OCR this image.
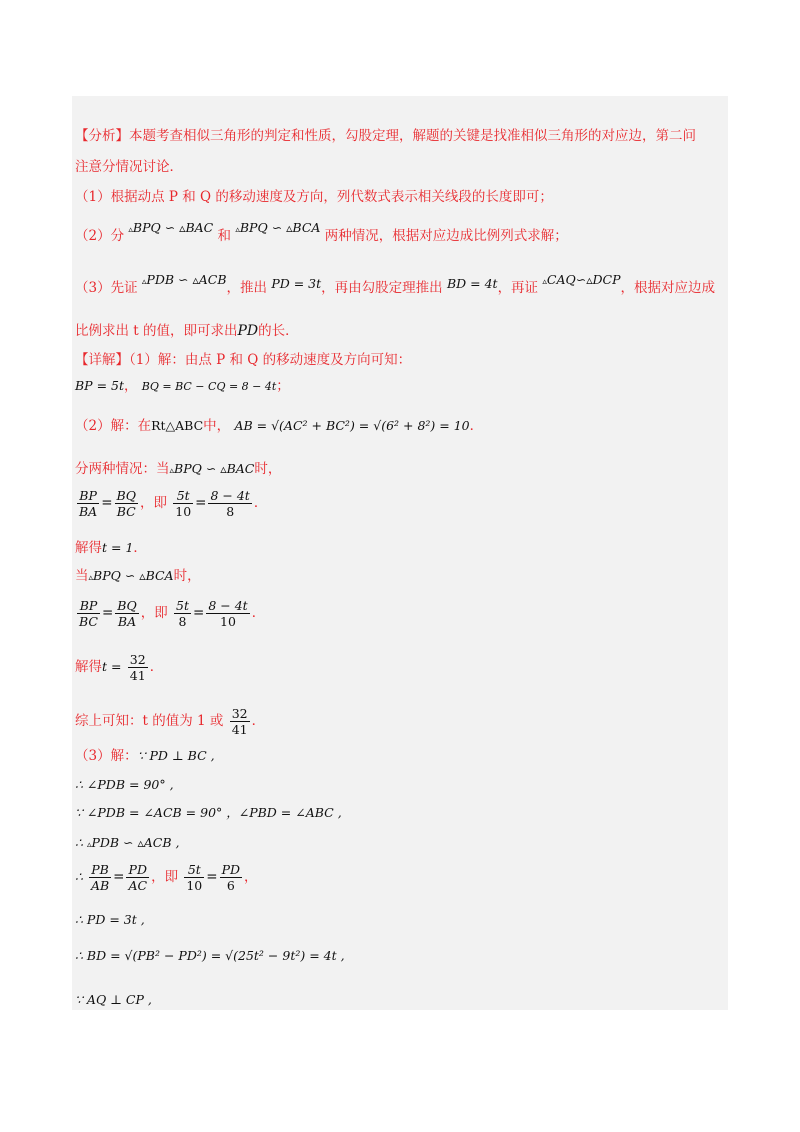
【分析】本题考查相似三角形的判定和性质，勾股定理，解题的关键是找准相似三角形的对应边，第二问
注意分情况讨论．
（1）根据动点 P 和 Q 的移动速度及方向，列代数式表示相关线段的长度即可；
（2）分 ▵BPQ ∽ ▵BAC 和 ▵BPQ ∽ ▵BCA 两种情况，根据对应边成比例列式求解；
（3）先证 ▵PDB ∽ ▵ACB，推出 PD = 3t，再由勾股定理推出 BD = 4t，再证 ▵CAQ∽▵DCP，根据对应边成
比例求出 t 的值，即可求出PD的长．
【详解】（1）解：由点 P 和 Q 的移动速度及方向可知：
BP = 5t， BQ = BC − CQ = 8 − 4t；
（2）解：在Rt△ABC中， AB = √(AC² + BC²) = √(6² + 8²) = 10．
分两种情况：当▵BPQ ∽ ▵BAC时，
$\frac{BP}{BA} = \frac{BQ}{BC}$ ，即 $\frac{5t}{10} = \frac{8 - 4t}{8}$ ．
解得t = 1．
当▵BPQ ∽ ▵BCA时，
$\frac{BP}{BC} = \frac{BQ}{BA}$ ，即 $\frac{5t}{8} = \frac{8 - 4t}{10}$ ．
解得$t = \frac{32}{41}$ ．
综上可知：t 的值为 1 或 $\frac{32}{41}$ ．
（3）解：∵ PD ⊥ BC ,
∴ ∠PDB = 90° ,
∵ ∠PDB = ∠ACB = 90° ，∠PBD = ∠ABC ,
∴ ▵PDB ∽ ▵ACB ,
∴ $\frac{PB}{AB} = \frac{PD}{AC}$ ，即 $\frac{5t}{10} = \frac{PD}{6}$ ，
∴ PD = 3t ,
∴ BD = √(PB² − PD²) = √(25t² − 9t²) = 4t ,
∵ AQ ⊥ CP ,
